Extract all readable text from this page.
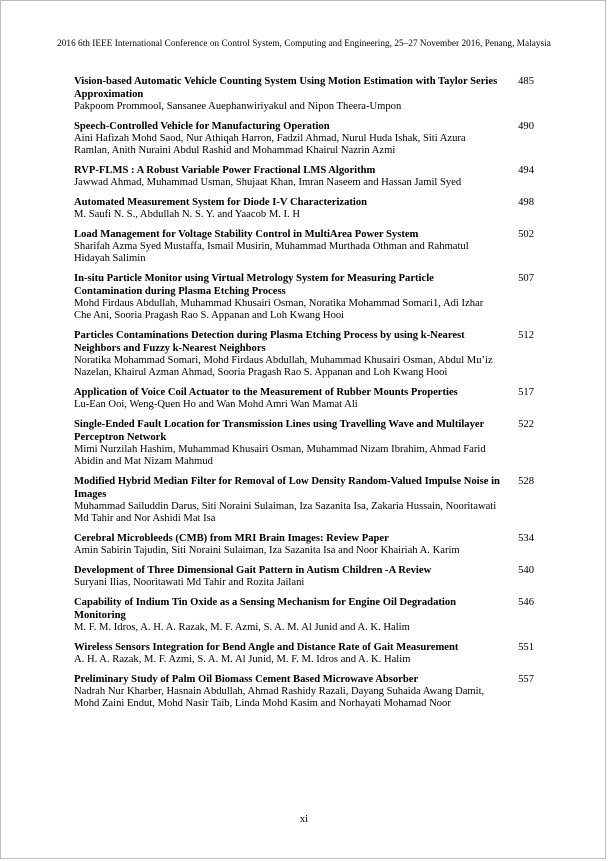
2016 6th IEEE International Conference on Control System, Computing and Engineering, 25–27 November 2016, Penang, Malaysia
Vision-based Automatic Vehicle Counting System Using Motion Estimation with Taylor Series Approximation
Pakpoom Prommool, Sansanee Auephanwiriyakul and Nipon Theera-Umpon
485
Speech-Controlled Vehicle for Manufacturing Operation
Aini Hafizah Mohd Saod, Nur Athiqah Harron, Fadzil Ahmad, Nurul Huda Ishak, Siti Azura Ramlan, Anith Nuraini Abdul Rashid and Mohammad Khairul Nazrin Azmi
490
RVP-FLMS : A Robust Variable Power Fractional LMS Algorithm
Jawwad Ahmad, Muhammad Usman, Shujaat Khan, Imran Naseem and Hassan Jamil Syed
494
Automated Measurement System for Diode I-V Characterization
M. Saufi N. S., Abdullah N. S. Y. and Yaacob M. I. H
498
Load Management for Voltage Stability Control in MultiArea Power System
Sharifah Azma Syed Mustaffa, Ismail Musirin, Muhammad Murthada Othman and Rahmatul Hidayah Salimin
502
In-situ Particle Monitor using Virtual Metrology System for Measuring Particle Contamination during Plasma Etching Process
Mohd Firdaus Abdullah, Muhammad Khusairi Osman, Noratika Mohammad Somari1, Adi Izhar Che Ani, Sooria Pragash Rao S. Appanan and Loh Kwang Hooi
507
Particles Contaminations Detection during Plasma Etching Process by using k-Nearest Neighbors and Fuzzy k-Nearest Neighbors
Noratika Mohammad Somari, Mohd Firdaus Abdullah, Muhammad Khusairi Osman, Abdul Mu’iz Nazelan, Khairul Azman Ahmad, Sooria Pragash Rao S. Appanan and Loh Kwang Hooi
512
Application of Voice Coil Actuator to the Measurement of Rubber Mounts Properties
Lu-Ean Ooi, Weng-Quen Ho and Wan Mohd Amri Wan Mamat Ali
517
Single-Ended Fault Location for Transmission Lines using Travelling Wave and Multilayer Perceptron Network
Mimi Nurzilah Hashim, Muhammad Khusairi Osman, Muhammad Nizam Ibrahim, Ahmad Farid Abidin and Mat Nizam Mahmud
522
Modified Hybrid Median Filter for Removal of Low Density Random-Valued Impulse Noise in Images
Muhammad Sailuddin Darus, Siti Noraini Sulaiman, Iza Sazanita Isa, Zakaria Hussain, Nooritawati Md Tahir and Nor Ashidi Mat Isa
528
Cerebral Microbleeds (CMB) from MRI Brain Images: Review Paper
Amin Sabirin Tajudin, Siti Noraini Sulaiman, Iza Sazanita Isa and Noor Khairiah A. Karim
534
Development of Three Dimensional Gait Pattern in Autism Children -A Review
Suryani Ilias, Nooritawati Md Tahir and Rozita Jailani
540
Capability of Indium Tin Oxide as a Sensing Mechanism for Engine Oil Degradation Monitoring
M. F. M. Idros, A. H. A. Razak, M. F. Azmi, S. A. M. Al Junid and A. K. Halim
546
Wireless Sensors Integration for Bend Angle and Distance Rate of Gait Measurement
A. H. A. Razak, M. F. Azmi, S. A. M. Al Junid, M. F. M. Idros and A. K. Halim
551
Preliminary Study of Palm Oil Biomass Cement Based Microwave Absorber
Nadrah Nur Kharber, Hasnain Abdullah, Ahmad Rashidy Razali, Dayang Suhaida Awang Damit, Mohd Zaini Endut, Mohd Nasir Taib, Linda Mohd Kasim and Norhayati Mohamad Noor
557
xi
